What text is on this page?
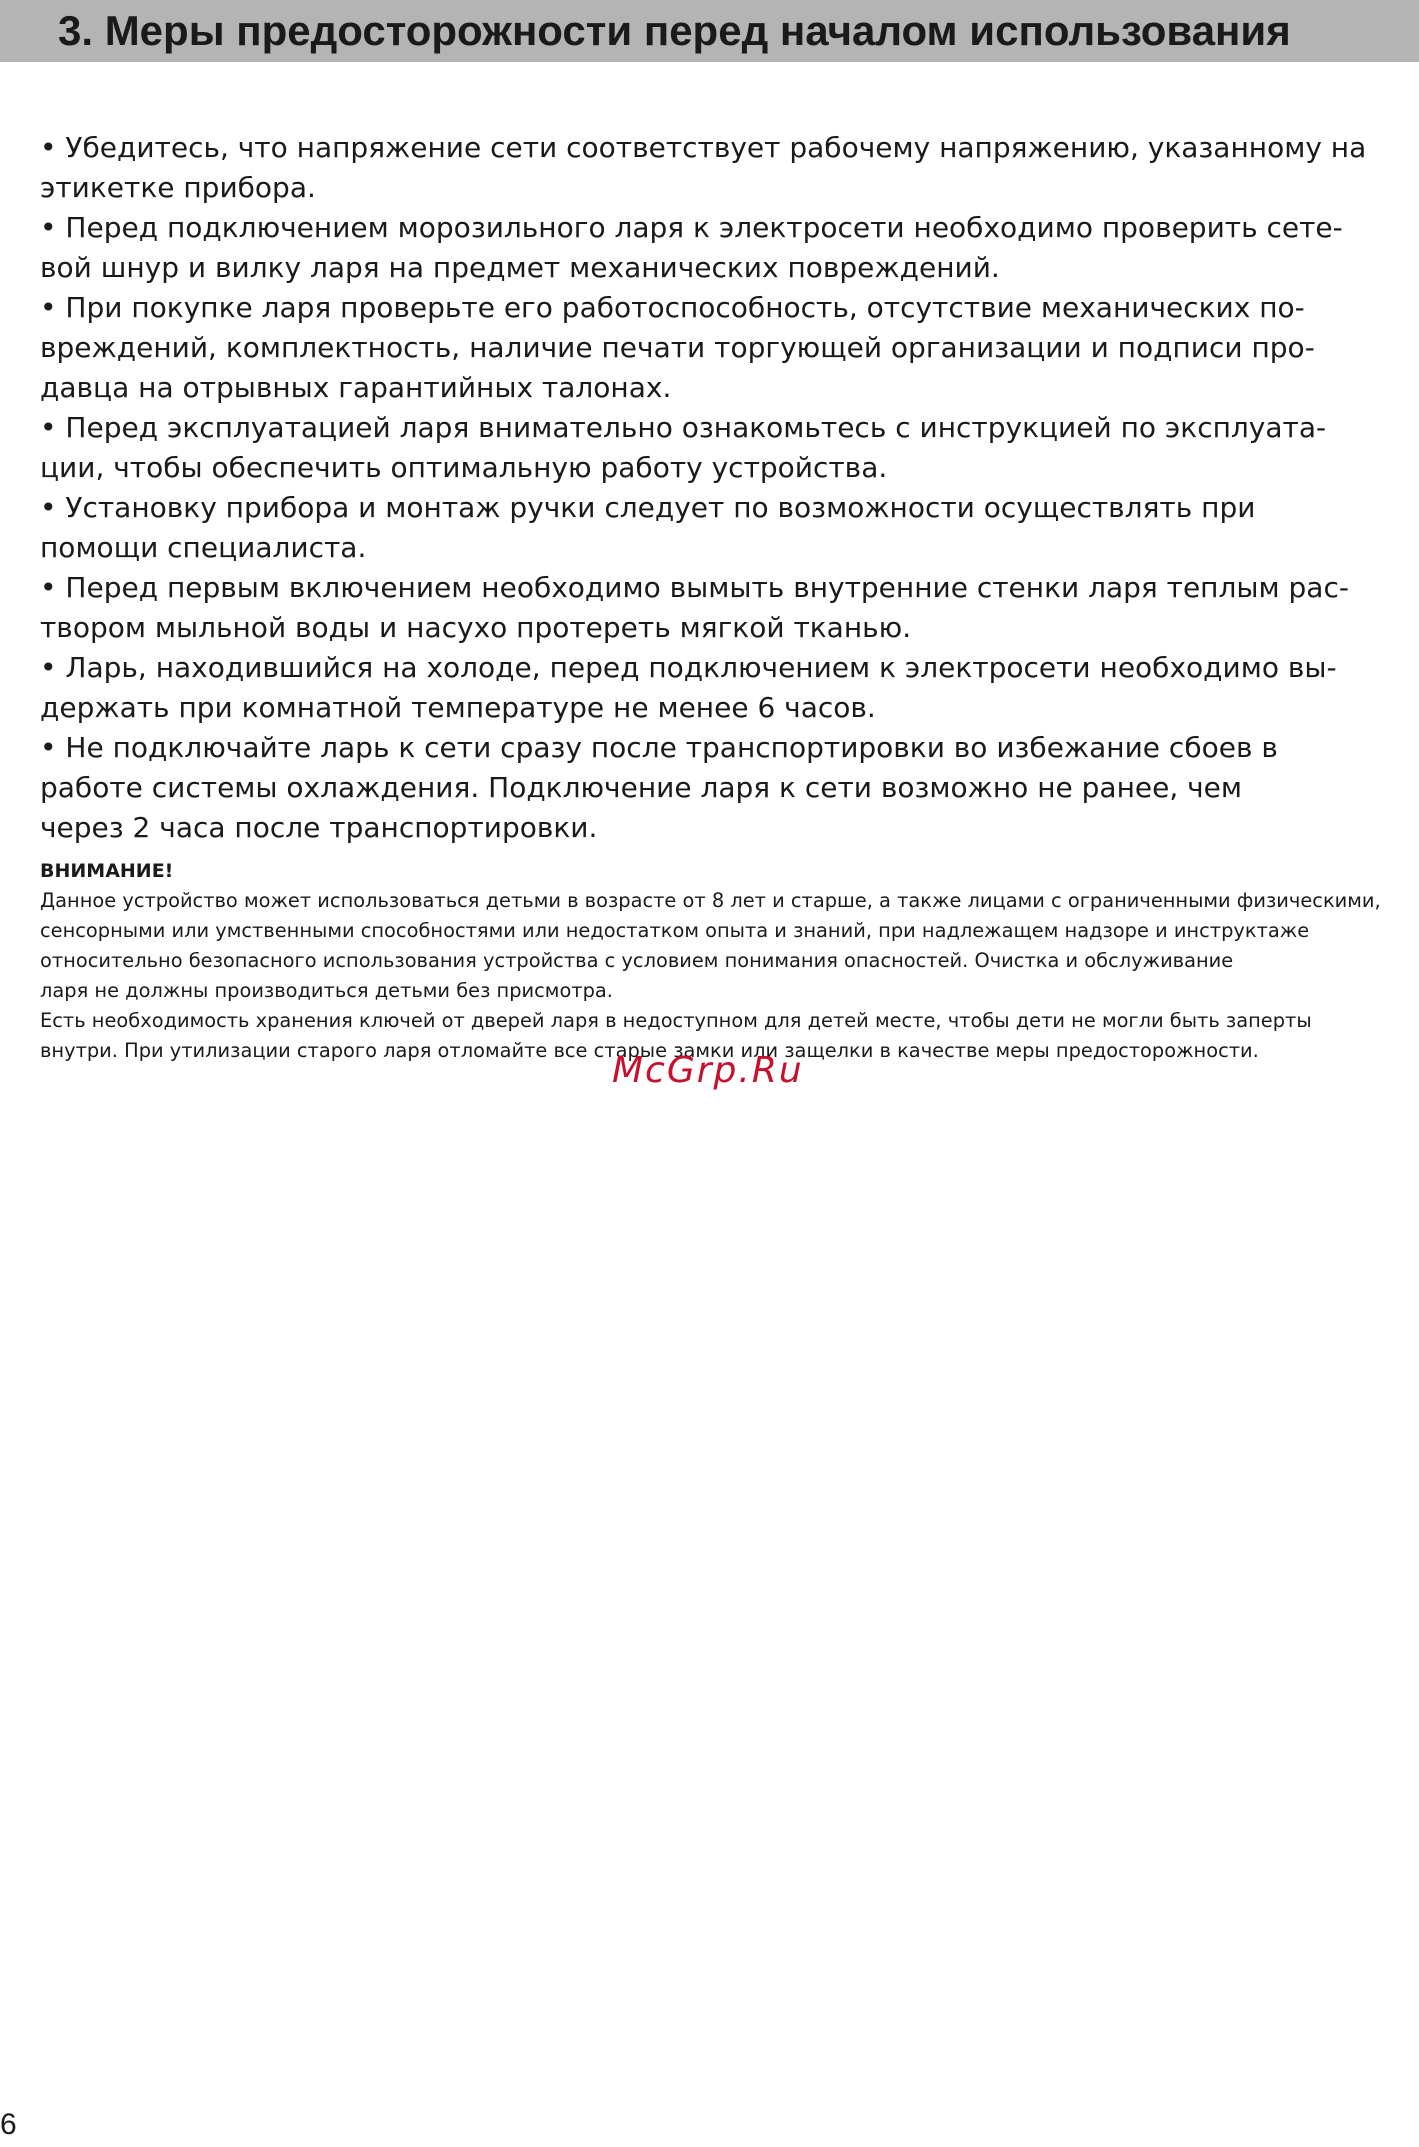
3. Меры предосторожности перед началом использования
• Убедитесь, что напряжение сети соответствует рабочему напряжению, указанному на
этикетке прибора.
• Перед подключением морозильного ларя к электросети необходимо проверить сете-
вой шнур и вилку ларя на предмет механических повреждений.
• При покупке ларя проверьте его работоспособность, отсутствие механических по-
вреждений, комплектность, наличие печати торгующей организации и подписи про-
давца на отрывных гарантийных талонах.
• Перед эксплуатацией ларя внимательно ознакомьтесь с инструкцией по эксплуата-
ции, чтобы обеспечить оптимальную работу устройства.
• Установку прибора и монтаж ручки следует по возможности осуществлять при
помощи специалиста.
• Перед первым включением необходимо вымыть внутренние стенки ларя теплым рас-
твором мыльной воды и насухо протереть мягкой тканью.
• Ларь, находившийся на холоде, перед подключением к электросети необходимо вы-
держать при комнатной температуре не менее 6 часов.
• Не подключайте ларь к сети сразу после транспортировки во избежание сбоев в
работе системы охлаждения. Подключение ларя к сети возможно не ранее, чем
через 2 часа после транспортировки.

ВНИМАНИЕ!

Данное устройство может использоваться детьми в возрасте от 8 лет и старше, а также лицами с ограниченными физическими,

сенсорными или умственными способностями или недостатком опыта и знаний, при надлежащем надзоре и инструктаже

относительно безопасного использования устройства с условием понимания опасностей. Очистка и обслуживание

ларя не должны производиться детьми без присмотра.

Есть необходимость хранения ключей от дверей ларя в недоступном для детей месте, чтобы дети не могли быть заперты

внутри. При утилизации старого ларя отломайте все старые замки или защелки в качестве меры предосторожности.

McGrp.Ru
6
